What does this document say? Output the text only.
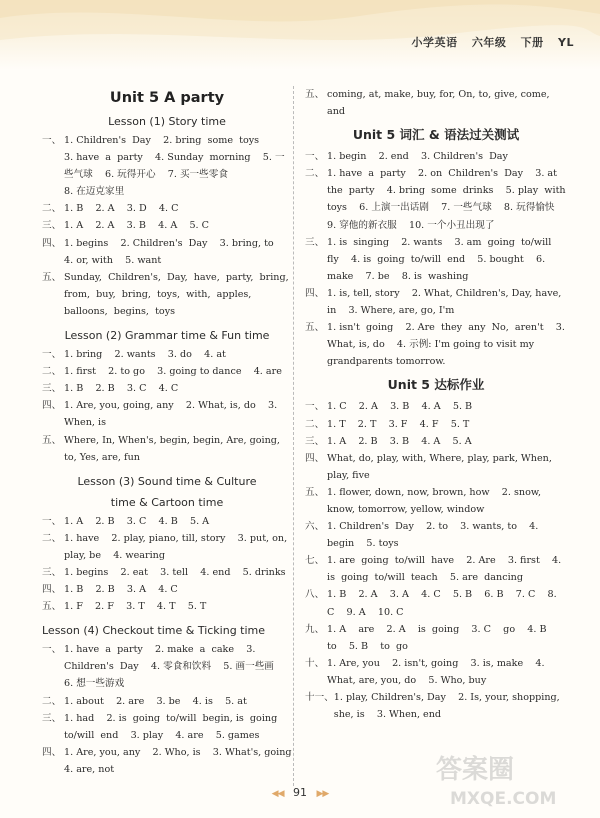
小学英语 六年级 下册 YL
Unit 5 A party
Lesson (1) Story time
一、 1. Children's  Day    2. bring  some  toys
3. have  a  party    4. Sunday  morning    5. 一些气球    6. 玩得开心    7. 买一些零食
8. 在迈克家里
二、 1. B    2. A    3. D    4. C
三、 1. A    2. A    3. B    4. A    5. C
四、 1. begins    2. Children's  Day    3. bring, to    4. or, with    5. want
五、 Sunday,  Children's,  Day,  have,  party,  bring,  from,  buy,  bring,  toys,  with,  apples,  balloons,  begins,  toys
Lesson (2) Grammar time & Fun time
一、 1. bring    2. wants    3. do    4. at
二、 1. first    2. to go    3. going to dance    4. are
三、 1. B    2. B    3. C    4. C
四、 1. Are, you, going, any    2. What, is, do    3. When, is
五、 Where, In, When's, begin, begin, Are, going, to, Yes, are, fun
Lesson (3) Sound time & Culture
time & Cartoon time
一、 1. A    2. B    3. C    4. B    5. A
二、 1. have    2. play, piano, till, story    3. put, on, play, be    4. wearing
三、 1. begins    2. eat    3. tell    4. end    5. drinks
四、 1. B    2. B    3. A    4. C
五、 1. F    2. F    3. T    4. T    5. T
Lesson (4) Checkout time & Ticking time
一、 1. have  a  party    2. make  a  cake    3. Children's  Day    4. 零食和饮料    5. 画一些画    6. 想一些游戏
二、 1. about    2. are    3. be    4. is    5. at
三、 1. had    2. is  going  to/will  begin, is  going  to/will  end    3. play    4. are    5. games
四、 1. Are, you, any    2. Who, is    3. What's, going    4. are, not
五、 coming, at, make, buy, for, On, to, give, come, and
Unit 5 词汇 & 语法过关测试
一、 1. begin    2. end    3. Children's  Day
二、 1. have  a  party    2. on  Children's  Day    3. at  the  party    4. bring  some  drinks    5. play  with  toys    6. 上演一出话剧    7. 一些气球    8. 玩得愉快    9. 穿他的新衣服    10. 一个小丑出现了
三、 1. is  singing    2. wants    3. am  going  to/will  fly    4. is  going  to/will  end    5. bought    6. make    7. be    8. is  washing
四、 1. is, tell, story    2. What, Children's, Day, have, in    3. Where, are, go, I'm
五、 1. isn't  going    2. Are  they  any  No,  aren't    3. What, is, do    4. 示例: I'm going to visit my grandparents tomorrow.
Unit 5 达标作业
一、 1. C    2. A    3. B    4. A    5. B
二、 1. T    2. T    3. F    4. F    5. T
三、 1. A    2. B    3. B    4. A    5. A
四、 What, do, play, with, Where, play, park, When, play, five
五、 1. flower, down, now, brown, how    2. snow, know, tomorrow, yellow, window
六、 1. Children's  Day    2. to    3. wants, to    4. begin    5. toys
七、 1. are  going  to/will  have    2. Are    3. first    4. is  going  to/will  teach    5. are  dancing
八、 1. B    2. A    3. A    4. C    5. B    6. B    7. C    8. C    9. A    10. C
九、 1. A    are    2. A    is  going    3. C    go    4. B    to    5. B    to  go
十、 1. Are, you    2. isn't, going    3. is, make    4. What, are, you, do    5. Who, buy
十一、 1. play, Children's, Day    2. Is, your, shopping, she, is    3. When, end
◀◀ 91 ▶▶
答案圈
MXQE.COM
